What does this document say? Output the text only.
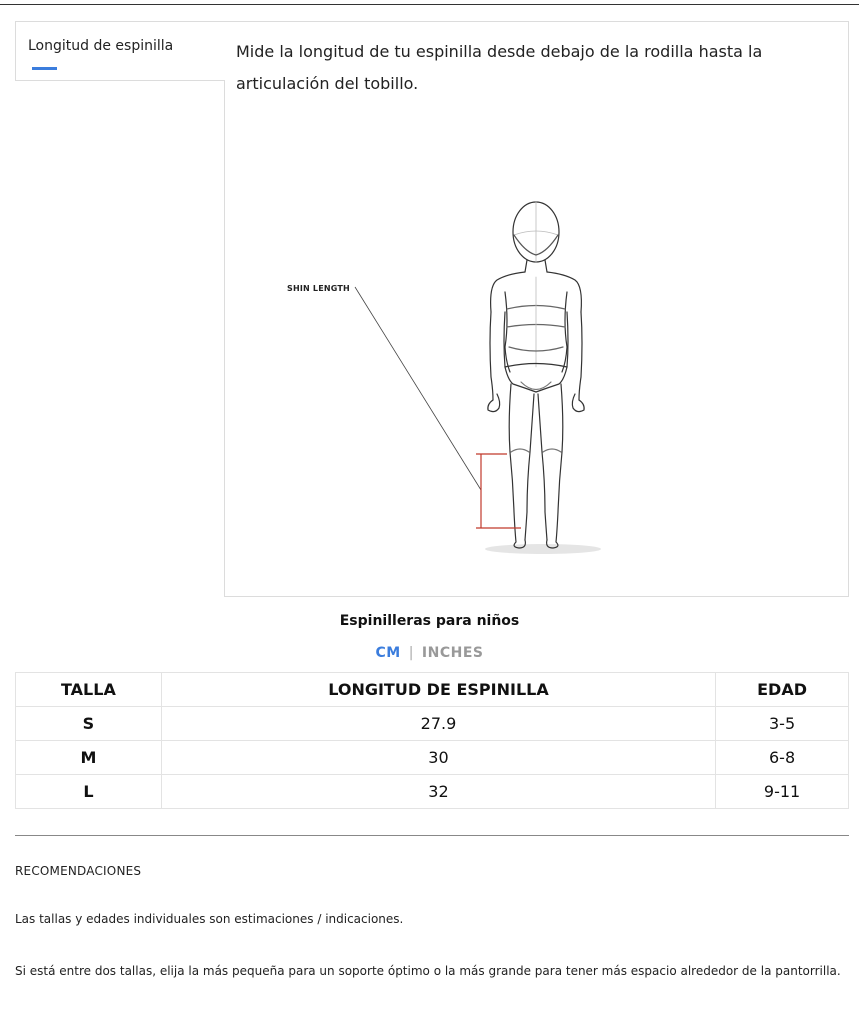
Longitud de espinilla	Mide la longitud de tu espinilla desde debajo de la rodilla hasta la articulación del tobillo.
SHIN LENGTH
Espinilleras para niños
CM | INCHES
TALLA	LONGITUD DE ESPINILLA	EDAD
S	27.9	3-5
M	30	6-8
L	32	9-11
RECOMENDACIONES
Las tallas y edades individuales son estimaciones / indicaciones.
Si está entre dos tallas, elija la más pequeña para un soporte óptimo o la más grande para tener más espacio alrededor de la pantorrilla.
